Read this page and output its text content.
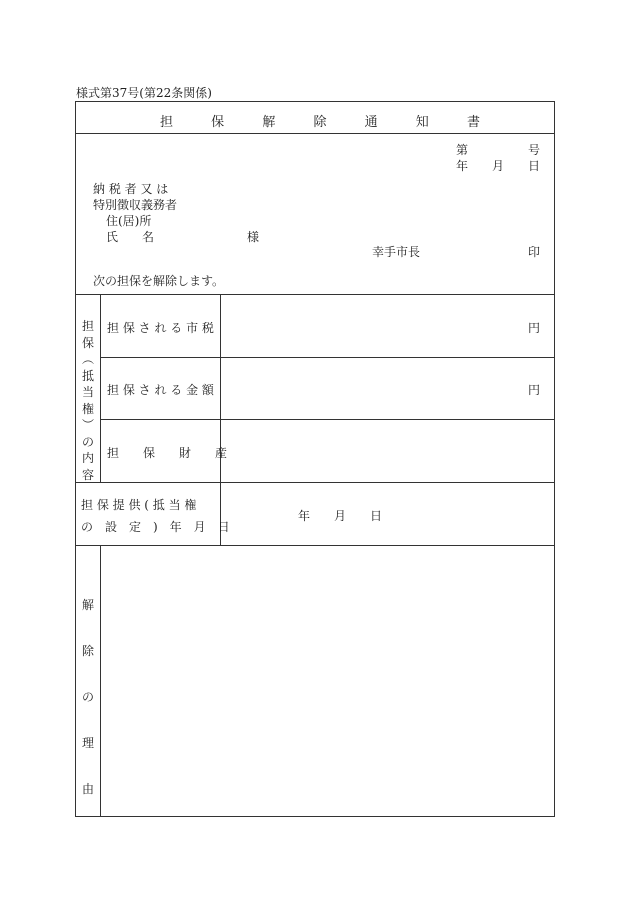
様式第37号(第22条関係)
担	保	解	除	通	知	書
第	号
年 月 日
納 税 者 又 は
特別徴収義務者
住(居)所
氏　　名	様
幸手市長	印
次の担保を解除します。
担
保
︵
抵
当
権
︶
の
内
容
担 保 さ れ る 市 税	円
担 保 さ れ る 金 額	円
担　　保　　財　　産
担 保 提 供 ( 抵 当 権
の　設　定　)　年　月　日
年 月 日
解
除
の
理
由
